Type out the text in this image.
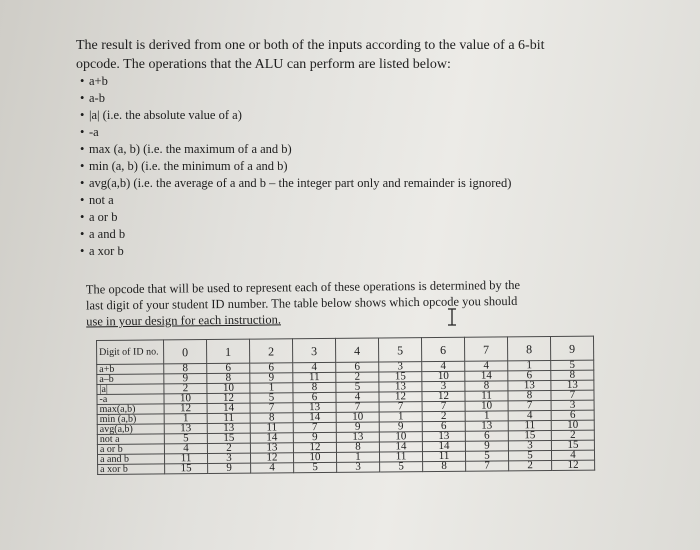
The result is derived from one or both of the inputs according to the value of a 6-bit opcode. The operations that the ALU can perform are listed below:
• a+b
• a-b
• |a| (i.e. the absolute value of a)
• -a
• max (a, b) (i.e. the maximum of a and b)
• min (a, b) (i.e. the minimum of a and b)
• avg(a,b) (i.e. the average of a and b – the integer part only and remainder is ignored)
• not a
• a or b
• a and b
• a xor b
The opcode that will be used to represent each of these operations is determined by the
last digit of your student ID number. The table below shows which opcode you should
use in your design for each instruction.
Digit of ID no.	0	1	2	3	4	5	6	7	8	9
a+b	8	6	6	4	6	3	4	4	1	5
a–b	9	8	9	11	2	15	10	14	6	8
|a|	2	10	1	8	5	13	3	8	13	13
-a	10	12	5	6	4	12	12	11	8	7
max(a,b)	12	14	7	13	7	7	7	10	7	3
min (a,b)	1	11	8	14	10	1	2	1	4	6
avg(a,b)	13	13	11	7	9	9	6	13	11	10
not a	5	15	14	9	13	10	13	6	15	2
a or b	4	2	13	12	8	14	14	9	3	15
a and b	11	3	12	10	1	11	11	5	5	4
a xor b	15	9	4	5	3	5	8	7	2	12
